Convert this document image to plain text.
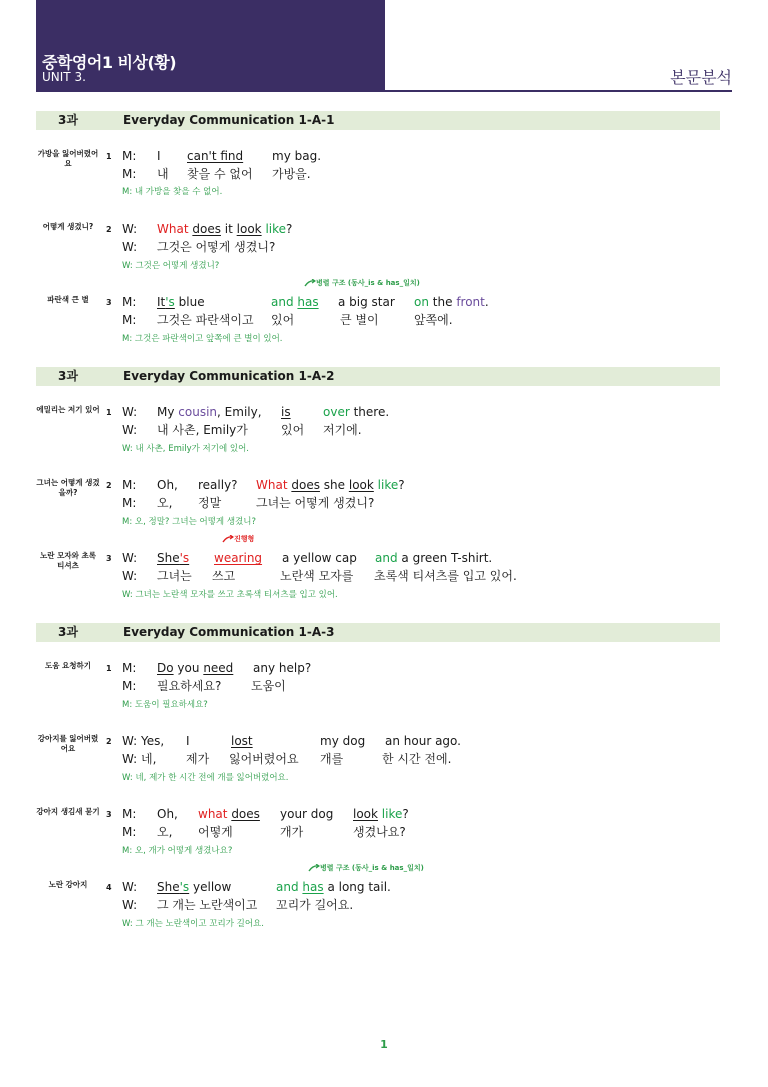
중학영어1 비상(황)
UNIT 3.	본문분석
3과	Everyday Communication 1-A-1
가방을 잃어버렸어요
1 M: I can't find my bag.
M: 내 찾을 수 없어 가방을.
M: 내 가방을 찾을 수 없어.
어떻게 생겼니?	2 W: What does it look like?
W: 그것은 어떻게 생겼니?
W: 그것은 어떻게 생겼니?
병렬 구조 (동사_is & has_일치)
파란색 큰 별	3 M: It's blue	and has a big star on the front.
M: 그것은 파란색이고 있어	큰 별이	앞쪽에.
M: 그것은 파란색이고 앞쪽에 큰 별이 있어.
3과	Everyday Communication 1-A-2
에밀리는 저기 있어 1 W: My cousin, Emily, is	over there.
W: 내 사촌, Emily가	있어 저기에.
W: 내 사촌, Emily가 저기에 있어.
그녀는 어떻게 생겼을까?
2 M: Oh, really? What does she look like?
M: 오, 정말	그녀는 어떻게 생겼니?
M: 오, 정말? 그녀는 어떻게 생겼니?
진행형
노란 모자와 초록 티셔츠
3 W: She's wearing a yellow cap and a green T-shirt.
W: 그녀는 쓰고	노란색 모자를 초록색 티셔츠를 입고 있어.
W: 그녀는 노란색 모자를 쓰고 초록색 티셔츠를 입고 있어.
3과	Everyday Communication 1-A-3
도움 요청하기	1 M: Do you need any help?
M: 필요하세요? 도움이
M: 도움이 필요하세요?
강아지를 잃어버렸어요
2 W: Yes, I	lost	my dog an hour ago.
W: 네, 제가 잃어버렸어요 개를	한 시간 전에.
W: 네, 제가 한 시간 전에 개를 잃어버렸어요.
강아지 생김새 묻기 3 M: Oh, what does your dog look like?
M: 오, 어떻게	개가	생겼나요?
M: 오, 개가 어떻게 생겼나요?
병렬 구조 (동사_is & has_일치)
노란 강아지	4 W: She's yellow	and has a long tail.
W: 그 개는 노란색이고 꼬리가 길어요.
W: 그 개는 노란색이고 꼬리가 길어요.
1
